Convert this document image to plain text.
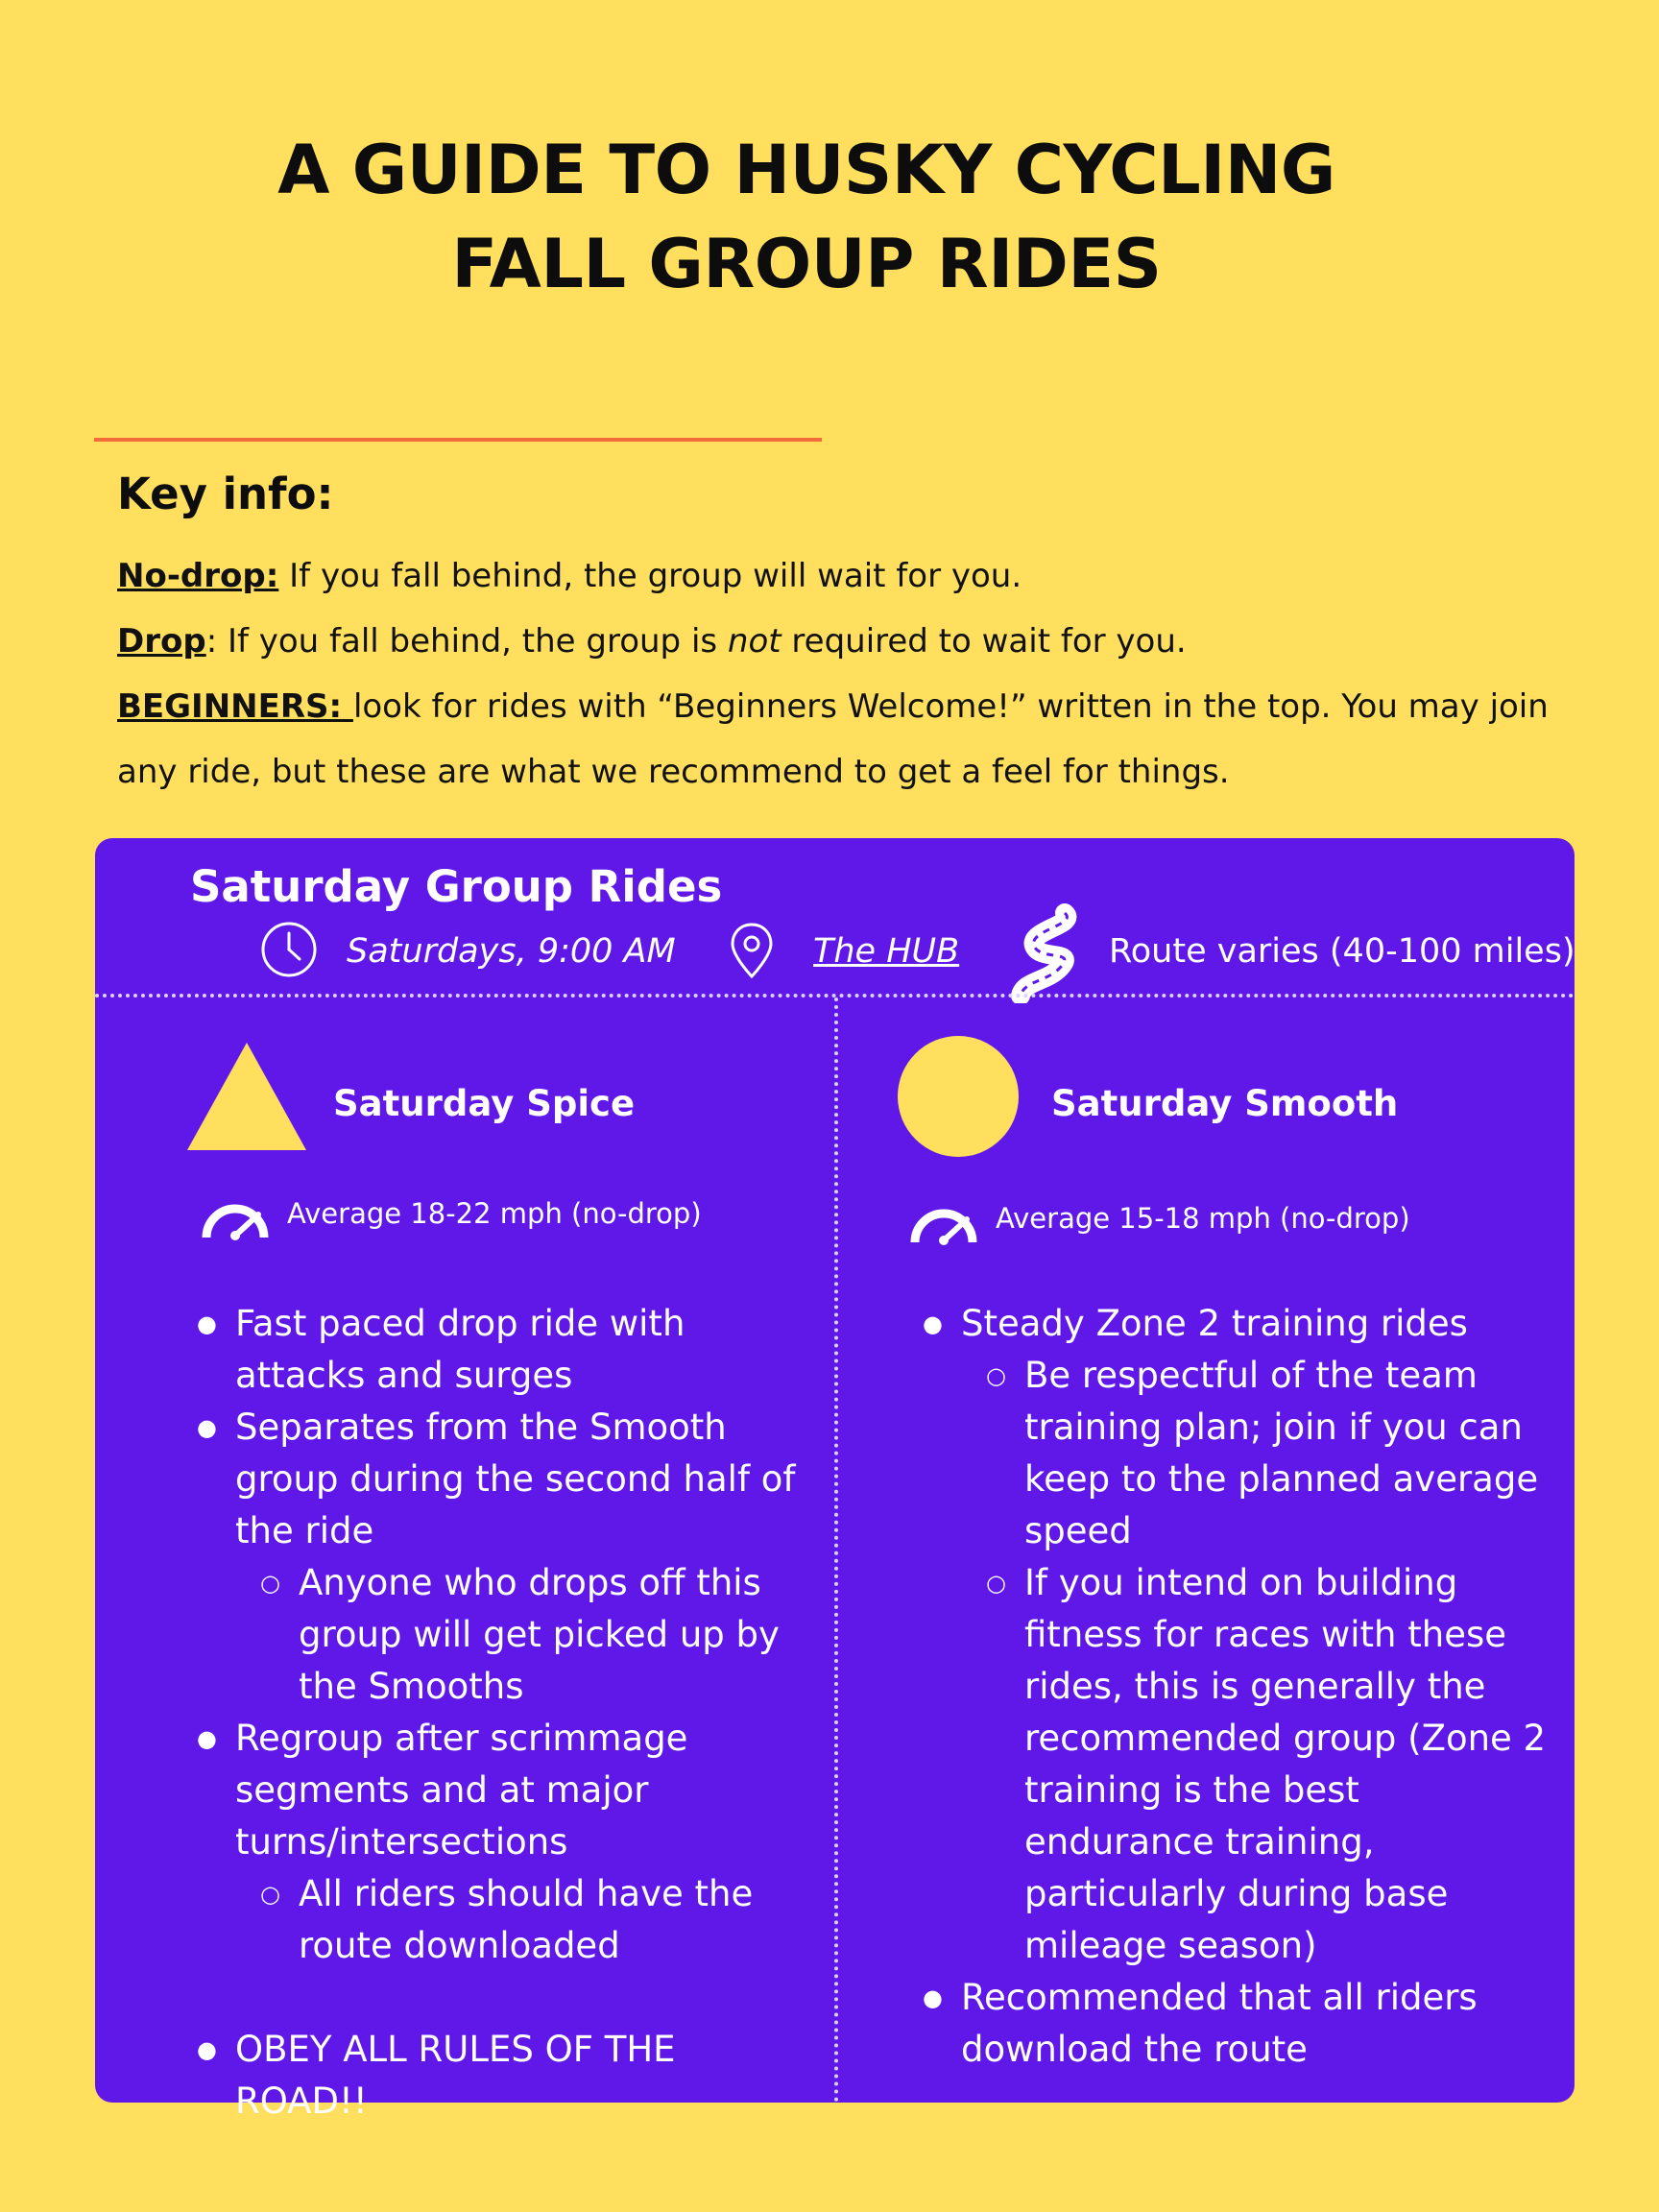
A GUIDE TO HUSKY CYCLING
FALL GROUP RIDES
Key info:

No-drop: If you fall behind, the group will wait for you.

Drop: If you fall behind, the group is not required to wait for you.

BEGINNERS: look for rides with “Beginners Welcome!” written in the top. You may join any ride, but these are what we recommend to get a feel for things.

Saturday Group Rides
Saturdays, 9:00 AM	The HUB	Route varies (40-100 miles)
Saturday Spice
Average 18-22 mph (no-drop)
● Fast paced drop ride with attacks and surges
● Separates from the Smooth group during the second half of the ride
○ Anyone who drops off this group will get picked up by the Smooths
● Regroup after scrimmage segments and at major turns/intersections
○ All riders should have the route downloaded
● OBEY ALL RULES OF THE ROAD!!
Saturday Smooth
Average 15-18 mph (no-drop)
● Steady Zone 2 training rides
○ Be respectful of the team training plan; join if you can keep to the planned average speed
○ If you intend on building fitness for races with these rides, this is generally the recommended group (Zone 2 training is the best endurance training, particularly during base mileage season)
● Recommended that all riders download the route
